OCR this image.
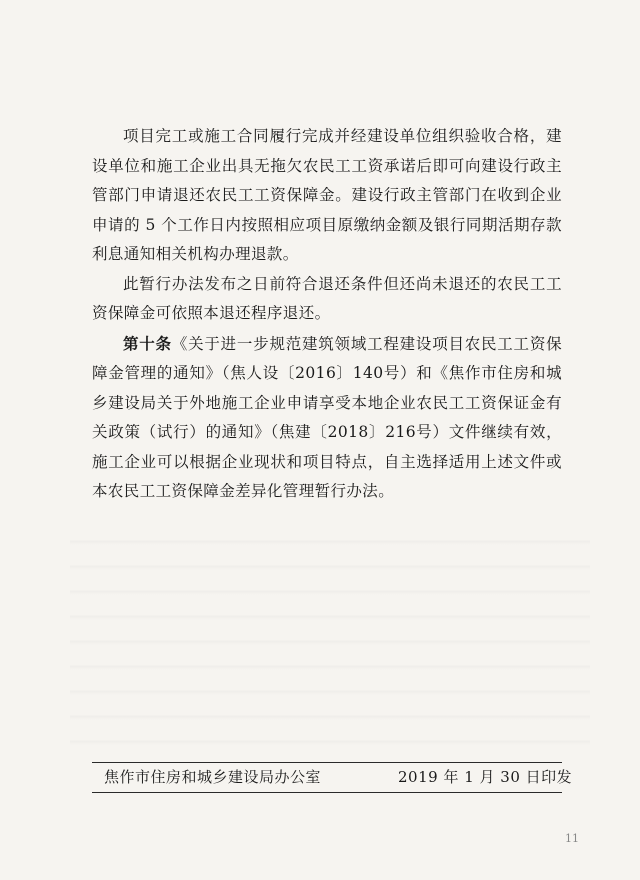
项目完工或施工合同履行完成并经建设单位组织验收合格，建设单位和施工企业出具无拖欠农民工工资承诺后即可向建设行政主管部门申请退还农民工工资保障金。建设行政主管部门在收到企业申请的 5 个工作日内按照相应项目原缴纳金额及银行同期活期存款利息通知相关机构办理退款。

此暂行办法发布之日前符合退还条件但还尚未退还的农民工工资保障金可依照本退还程序退还。

第十条《关于进一步规范建筑领域工程建设项目农民工工资保障金管理的通知》（焦人设〔2016〕140号）和《焦作市住房和城乡建设局关于外地施工企业申请享受本地企业农民工工资保证金有关政策（试行）的通知》（焦建〔2018〕216号）文件继续有效，施工企业可以根据企业现状和项目特点，自主选择适用上述文件或本农民工工资保障金差异化管理暂行办法。

焦作市住房和城乡建设局办公室	2019 年 1 月 30 日印发
11
